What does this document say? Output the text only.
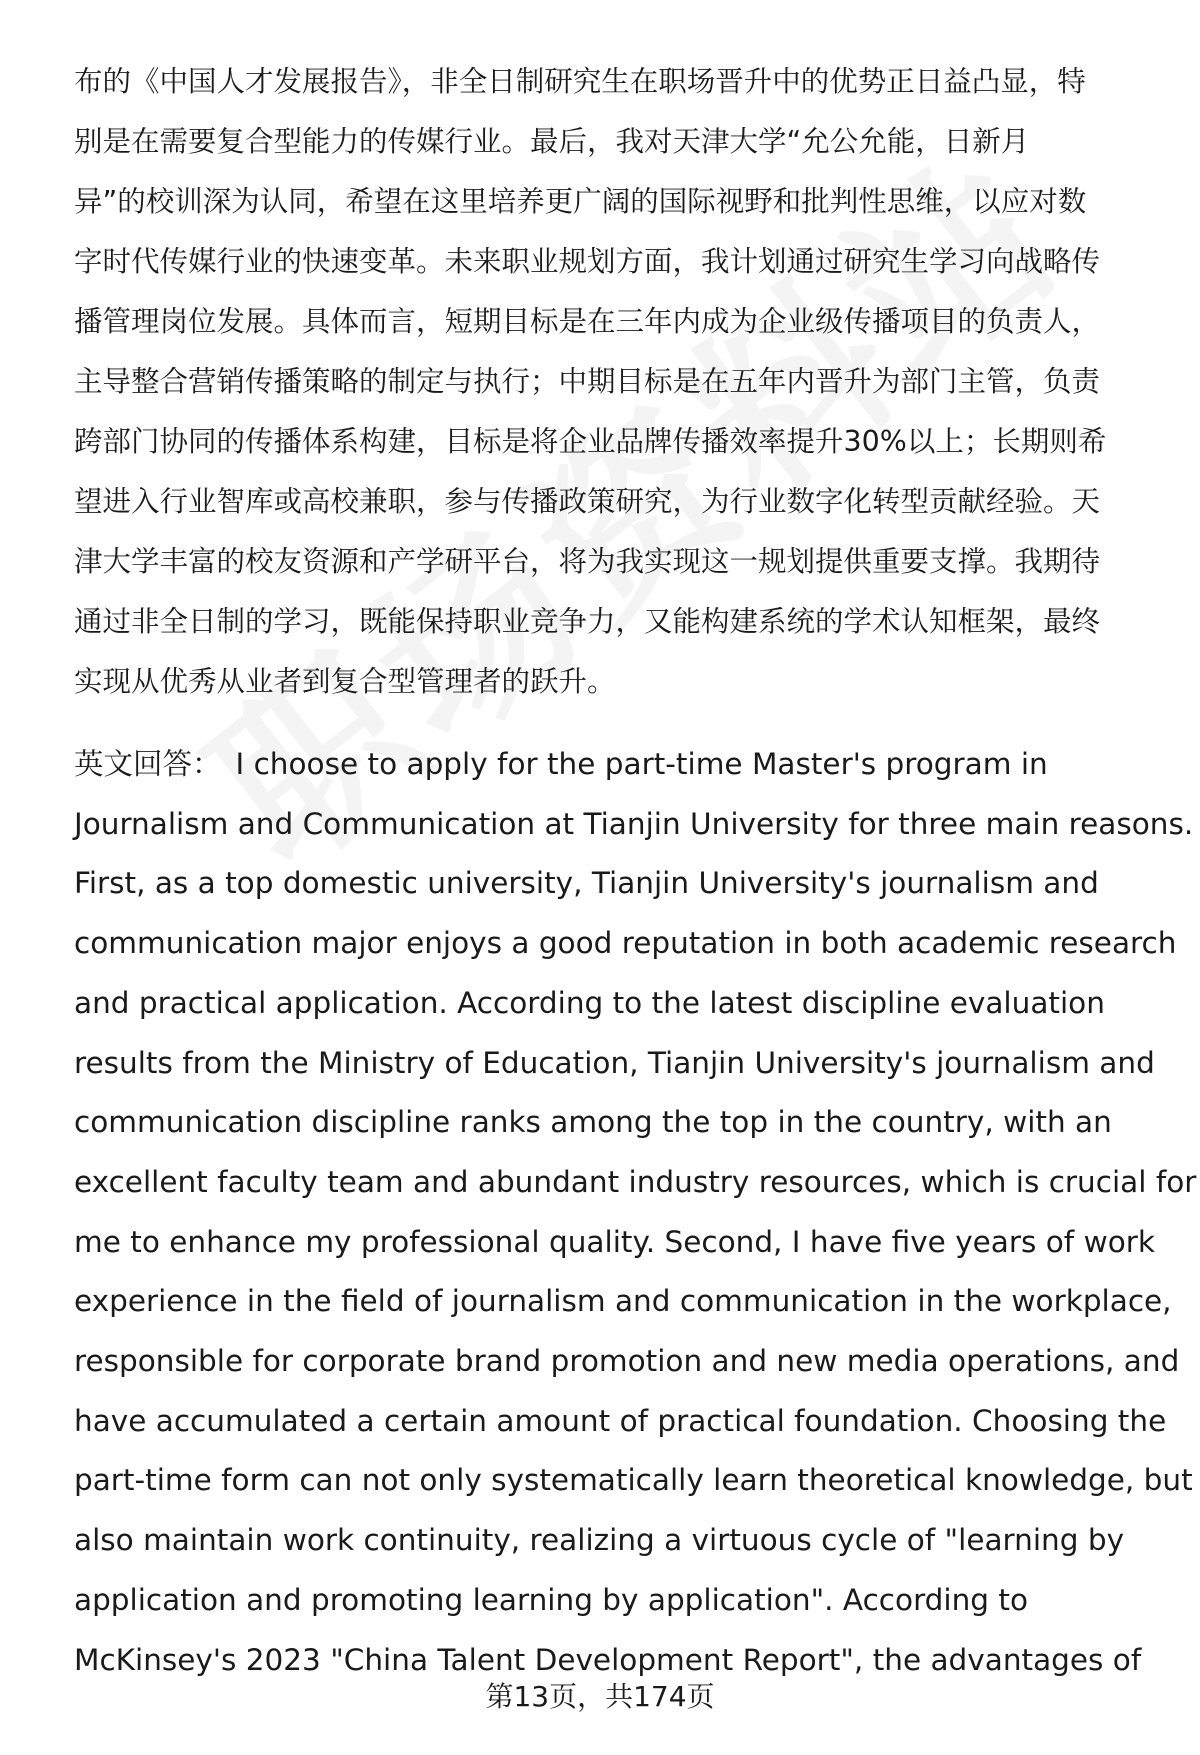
布的《中国人才发展报告》，非全日制研究生在职场晋升中的优势正日益凸显，特
别是在需要复合型能力的传媒行业。最后，我对天津大学“允公允能，日新月
异”的校训深为认同，希望在这里培养更广阔的国际视野和批判性思维，以应对数
字时代传媒行业的快速变革。未来职业规划方面，我计划通过研究生学习向战略传
播管理岗位发展。具体而言，短期目标是在三年内成为企业级传播项目的负责人，
主导整合营销传播策略的制定与执行；中期目标是在五年内晋升为部门主管，负责
跨部门协同的传播体系构建，目标是将企业品牌传播效率提升30%以上；长期则希
望进入行业智库或高校兼职，参与传播政策研究，为行业数字化转型贡献经验。天
津大学丰富的校友资源和产学研平台，将为我实现这一规划提供重要支撑。我期待
通过非全日制的学习，既能保持职业竞争力，又能构建系统的学术认知框架，最终
实现从优秀从业者到复合型管理者的跃升。
英文回答： I choose to apply for the part-time Master's program in
Journalism and Communication at Tianjin University for three main reasons.
First, as a top domestic university, Tianjin University's journalism and
communication major enjoys a good reputation in both academic research
and practical application. According to the latest discipline evaluation
results from the Ministry of Education, Tianjin University's journalism and
communication discipline ranks among the top in the country, with an
excellent faculty team and abundant industry resources, which is crucial for
me to enhance my professional quality. Second, I have five years of work
experience in the field of journalism and communication in the workplace,
responsible for corporate brand promotion and new media operations, and
have accumulated a certain amount of practical foundation. Choosing the
part-time form can not only systematically learn theoretical knowledge, but
also maintain work continuity, realizing a virtuous cycle of "learning by
application and promoting learning by application". According to
McKinsey's 2023 "China Talent Development Report", the advantages of
第13页，共174页
